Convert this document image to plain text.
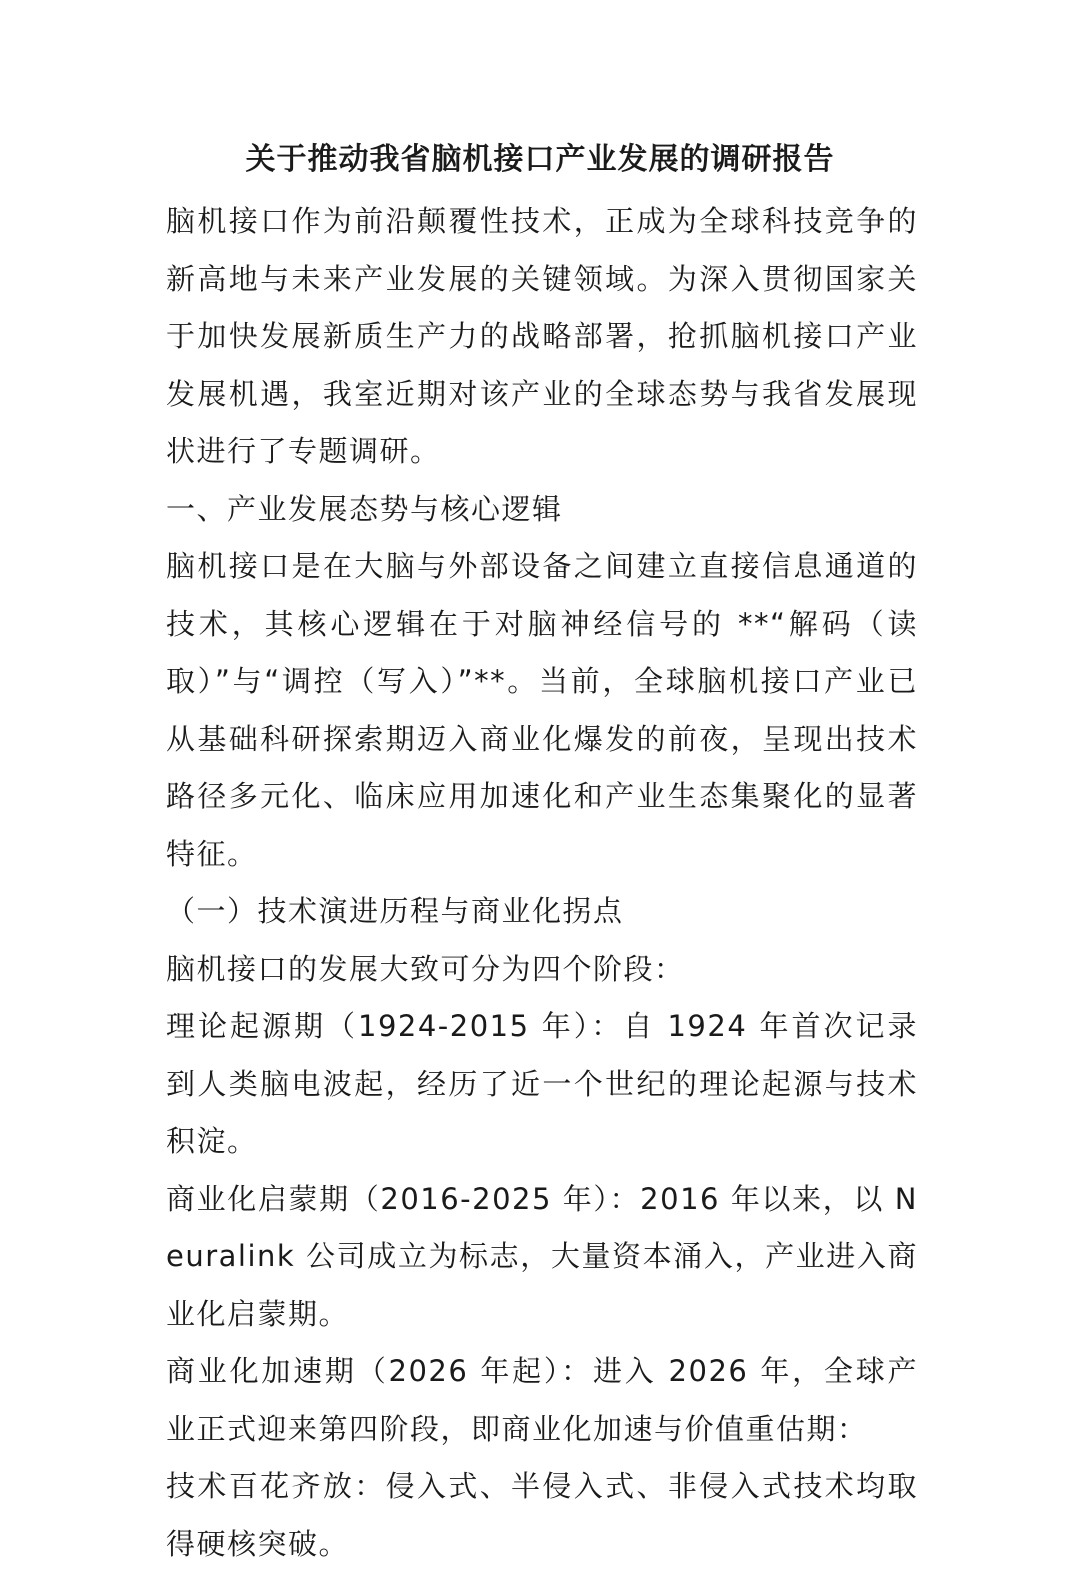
关于推动我省脑机接口产业发展的调研报告

脑机接口作为前沿颠覆性技术，正成为全球科技竞争的新高地与未来产业发展的关键领域。为深入贯彻国家关于加快发展新质生产力的战略部署，抢抓脑机接口产业发展机遇，我室近期对该产业的全球态势与我省发展现状进行了专题调研。

一、产业发展态势与核心逻辑

脑机接口是在大脑与外部设备之间建立直接信息通道的技术，其核心逻辑在于对脑神经信号的 **“解码（读取）”与“调控（写入）”**。当前，全球脑机接口产业已从基础科研探索期迈入商业化爆发的前夜，呈现出技术路径多元化、临床应用加速化和产业生态集聚化的显著特征。

（一）技术演进历程与商业化拐点

脑机接口的发展大致可分为四个阶段：

理论起源期（1924-2015 年）：自 1924 年首次记录到人类脑电波起，经历了近一个世纪的理论起源与技术积淀。

商业化启蒙期（2016-2025 年）：2016 年以来，以 Neuralink 公司成立为标志，大量资本涌入，产业进入商业化启蒙期。

商业化加速期（2026 年起）：进入 2026 年，全球产业正式迎来第四阶段，即商业化加速与价值重估期：

技术百花齐放：侵入式、半侵入式、非侵入式技术均取得硬核突破。
